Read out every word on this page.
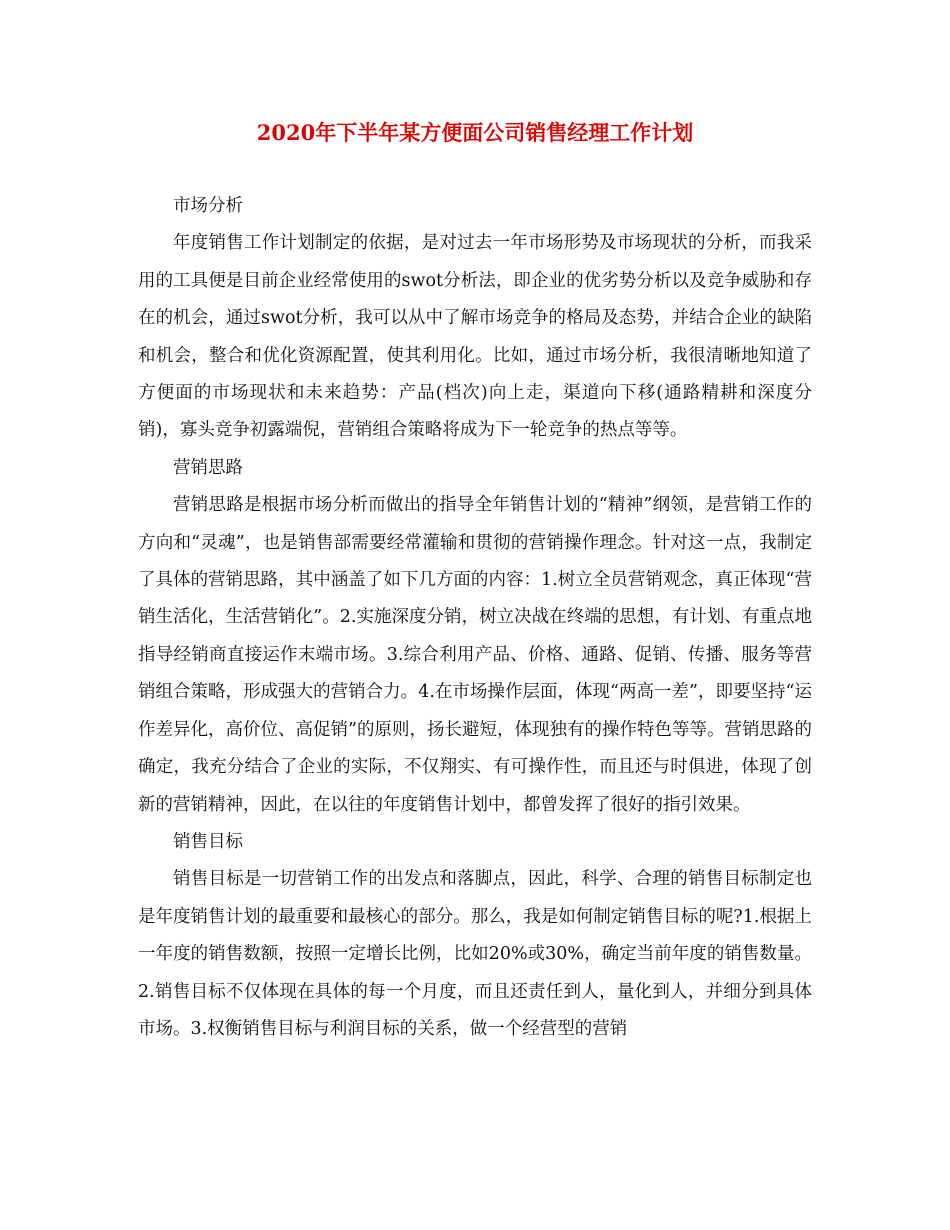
2020年下半年某方便面公司销售经理工作计划

市场分析

年度销售工作计划制定的依据，是对过去一年市场形势及市场现状的分析，而我采用的工具便是目前企业经常使用的swot分析法，即企业的优劣势分析以及竞争威胁和存在的机会，通过swot分析，我可以从中了解市场竞争的格局及态势，并结合企业的缺陷和机会，整合和优化资源配置，使其利用化。比如，通过市场分析，我很清晰地知道了方便面的市场现状和未来趋势：产品(档次)向上走，渠道向下移(通路精耕和深度分销)，寡头竞争初露端倪，营销组合策略将成为下一轮竞争的热点等等。

营销思路

营销思路是根据市场分析而做出的指导全年销售计划的“精神”纲领，是营销工作的方向和“灵魂”，也是销售部需要经常灌输和贯彻的营销操作理念。针对这一点，我制定了具体的营销思路，其中涵盖了如下几方面的内容：1.树立全员营销观念，真正体现“营销生活化，生活营销化”。2.实施深度分销，树立决战在终端的思想，有计划、有重点地指导经销商直接运作末端市场。3.综合利用产品、价格、通路、促销、传播、服务等营销组合策略，形成强大的营销合力。4.在市场操作层面，体现“两高一差”，即要坚持“运作差异化，高价位、高促销”的原则，扬长避短，体现独有的操作特色等等。营销思路的确定，我充分结合了企业的实际，不仅翔实、有可操作性，而且还与时俱进，体现了创新的营销精神，因此，在以往的年度销售计划中，都曾发挥了很好的指引效果。

销售目标

销售目标是一切营销工作的出发点和落脚点，因此，科学、合理的销售目标制定也是年度销售计划的最重要和最核心的部分。那么，我是如何制定销售目标的呢?1.根据上一年度的销售数额，按照一定增长比例，比如20%或30%，确定当前年度的销售数量。2.销售目标不仅体现在具体的每一个月度，而且还责任到人，量化到人，并细分到具体市场。3.权衡销售目标与利润目标的关系，做一个经营型的营销
